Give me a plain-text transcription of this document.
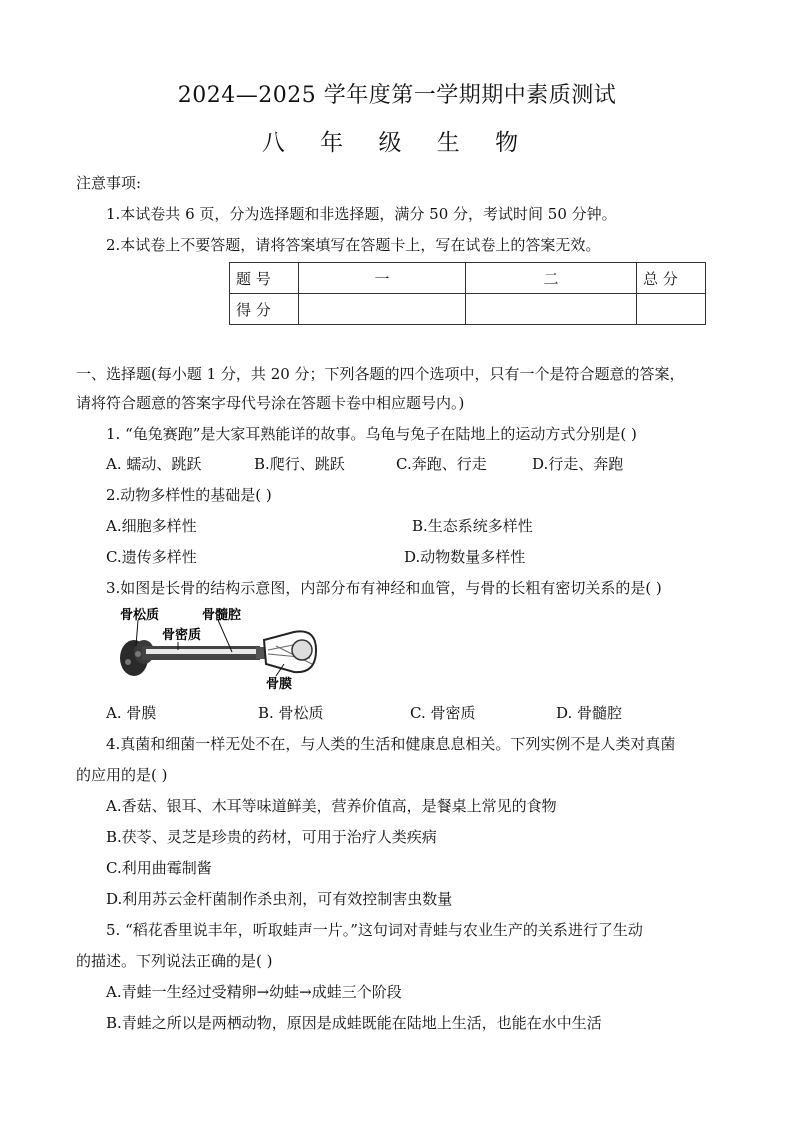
2024—2025 学年度第一学期期中素质测试
八 年 级 生 物
注意事项:
1.本试卷共 6 页，分为选择题和非选择题，满分 50 分，考试时间 50 分钟。
2.本试卷上不要答题，请将答案填写在答题卡上，写在试卷上的答案无效。
题 号	一	二	总 分
得 分			
一、选择题(每小题 1 分，共 20 分；下列各题的四个选项中，只有一个是符合题意的答案，
请将符合题意的答案字母代号涂在答题卡卷中相应题号内。)
1. “龟兔赛跑”是大家耳熟能详的故事。乌龟与兔子在陆地上的运动方式分别是( )
A. 蠕动、跳跃	B.爬行、跳跃	C.奔跑、行走	D.行走、奔跑
2.动物多样性的基础是( )
A.细胞多样性	B.生态系统多样性
C.遗传多样性	D.动物数量多样性
3.如图是长骨的结构示意图，内部分布有神经和血管，与骨的长粗有密切关系的是( )
骨松质
骨密质
骨髓腔
骨膜
A. 骨膜	B. 骨松质	C. 骨密质	D. 骨髓腔
4.真菌和细菌一样无处不在，与人类的生活和健康息息相关。下列实例不是人类对真菌
的应用的是( )
A.香菇、银耳、木耳等味道鲜美，营养价值高，是餐桌上常见的食物
B.茯苓、灵芝是珍贵的药材，可用于治疗人类疾病
C.利用曲霉制酱
D.利用苏云金杆菌制作杀虫剂，可有效控制害虫数量
5. “稻花香里说丰年，听取蛙声一片。”这句词对青蛙与农业生产的关系进行了生动
的描述。下列说法正确的是( )
A.青蛙一生经过受精卵→幼蛙→成蛙三个阶段
B.青蛙之所以是两栖动物，原因是成蛙既能在陆地上生活，也能在水中生活
